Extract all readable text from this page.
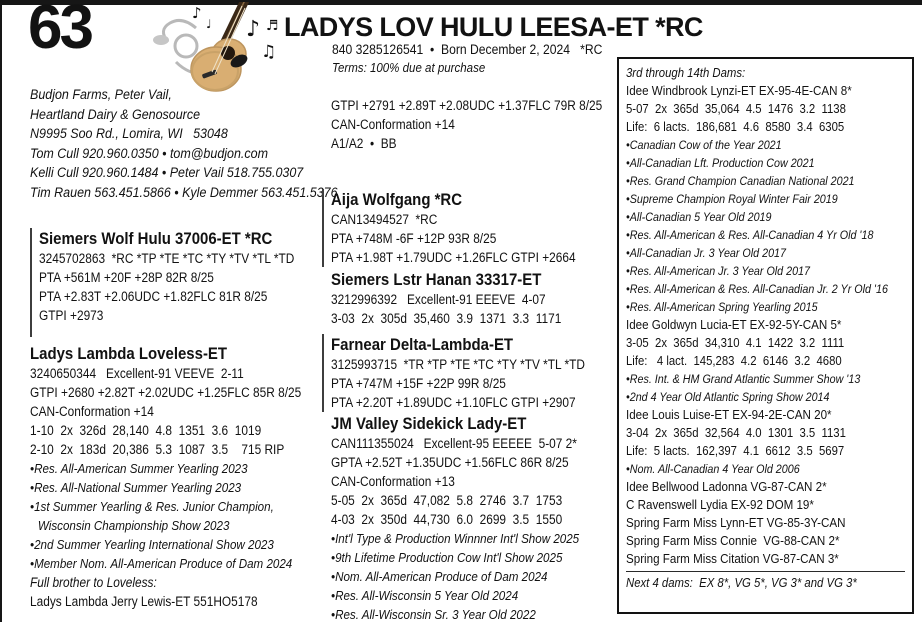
63	♪
♫
♬
♪
♩	LADYS LOV HULU LEESA-ET *RC
840 3285126541  •  Born December 2, 2024   *RC
Terms: 100% due at purchase
Budjon Farms, Peter Vail,
Heartland Dairy & Genosource
N9995 Soo Rd., Lomira, WI   53048
Tom Cull 920.960.0350 • tom@budjon.com
Kelli Cull 920.960.1484 • Peter Vail 518.755.0307
Tim Rauen 563.451.5866 • Kyle Demmer 563.451.5376
Siemers Wolf Hulu 37006-ET *RC
3245702863  *RC *TP *TE *TC *TY *TV *TL *TD
PTA +561M +20F +28P 82R 8/25
PTA +2.83T +2.06UDC +1.82FLC 81R 8/25
GTPI +2973
Ladys Lambda Loveless-ET
3240650344   Excellent-91 VEEVE  2-11
GTPI +2680 +2.82T +2.02UDC +1.25FLC 85R 8/25
CAN-Conformation +14
1-10  2x  326d  28,140  4.8  1351  3.6  1019
2-10  2x  183d  20,386  5.3  1087  3.5    715 RIP
•Res. All-American Summer Yearling 2023
•Res. All-National Summer Yearling 2023
•1st Summer Yearling & Res. Junior Champion,
Wisconsin Championship Show 2023
•2nd Summer Yearling International Show 2023
•Member Nom. All-American Produce of Dam 2024
Full brother to Loveless:
Ladys Lambda Jerry Lewis-ET 551HO5178
GTPI +2791 +2.89T +2.08UDC +1.37FLC 79R 8/25
CAN-Conformation +14
A1/A2  •  BB
Aija Wolfgang *RC
CAN13494527  *RC
PTA +748M -6F +12P 93R 8/25
PTA +1.98T +1.79UDC +1.26FLC GTPI +2664
Siemers Lstr Hanan 33317-ET
3212996392   Excellent-91 EEEVE  4-07
3-03  2x  305d  35,460  3.9  1371  3.3  1171
Farnear Delta-Lambda-ET
3125993715  *TR *TP *TE *TC *TY *TV *TL *TD
PTA +747M +15F +22P 99R 8/25
PTA +2.20T +1.89UDC +1.10FLC GTPI +2907
JM Valley Sidekick Lady-ET
CAN111355024   Excellent-95 EEEEE  5-07 2*
GPTA +2.52T +1.35UDC +1.56FLC 86R 8/25
CAN-Conformation +13
5-05  2x  365d  47,082  5.8  2746  3.7  1753
4-03  2x  350d  44,730  6.0  2699  3.5  1550
•Int'l Type & Production Winnner Int'l Show 2025
•9th Lifetime Production Cow Int'l Show 2025
•Nom. All-American Produce of Dam 2024
•Res. All-Wisconsin 5 Year Old 2024
•Res. All-Wisconsin Sr. 3 Year Old 2022
3rd through 14th Dams:
Idee Windbrook Lynzi-ET EX-95-4E-CAN 8*
5-07  2x  365d  35,064  4.5  1476  3.2  1138
Life:  6 lacts.  186,681  4.6  8580  3.4  6305
•Canadian Cow of the Year 2021
•All-Canadian Lft. Production Cow 2021
•Res. Grand Champion Canadian National 2021
•Supreme Champion Royal Winter Fair 2019
•All-Canadian 5 Year Old 2019
•Res. All-American & Res. All-Canadian 4 Yr Old '18
•All-Canadian Jr. 3 Year Old 2017
•Res. All-American Jr. 3 Year Old 2017
•Res. All-American & Res. All-Canadian Jr. 2 Yr Old '16
•Res. All-American Spring Yearling 2015
Idee Goldwyn Lucia-ET EX-92-5Y-CAN 5*
3-05  2x  365d  34,310  4.1  1422  3.2  1111
Life:   4 lact.  145,283  4.2  6146  3.2  4680
•Res. Int. & HM Grand Atlantic Summer Show '13
•2nd 4 Year Old Atlantic Spring Show 2014
Idee Louis Luise-ET EX-94-2E-CAN 20*
3-04  2x  365d  32,564  4.0  1301  3.5  1131
Life:  5 lacts.  162,397  4.1  6612  3.5  5697
•Nom. All-Canadian 4 Year Old 2006
Idee Bellwood Ladonna VG-87-CAN 2*
C Ravenswell Lydia EX-92 DOM 19*
Spring Farm Miss Lynn-ET VG-85-3Y-CAN
Spring Farm Miss Connie  VG-88-CAN 2*
Spring Farm Miss Citation VG-87-CAN 3*
Next 4 dams:  EX 8*, VG 5*, VG 3* and VG 3*
